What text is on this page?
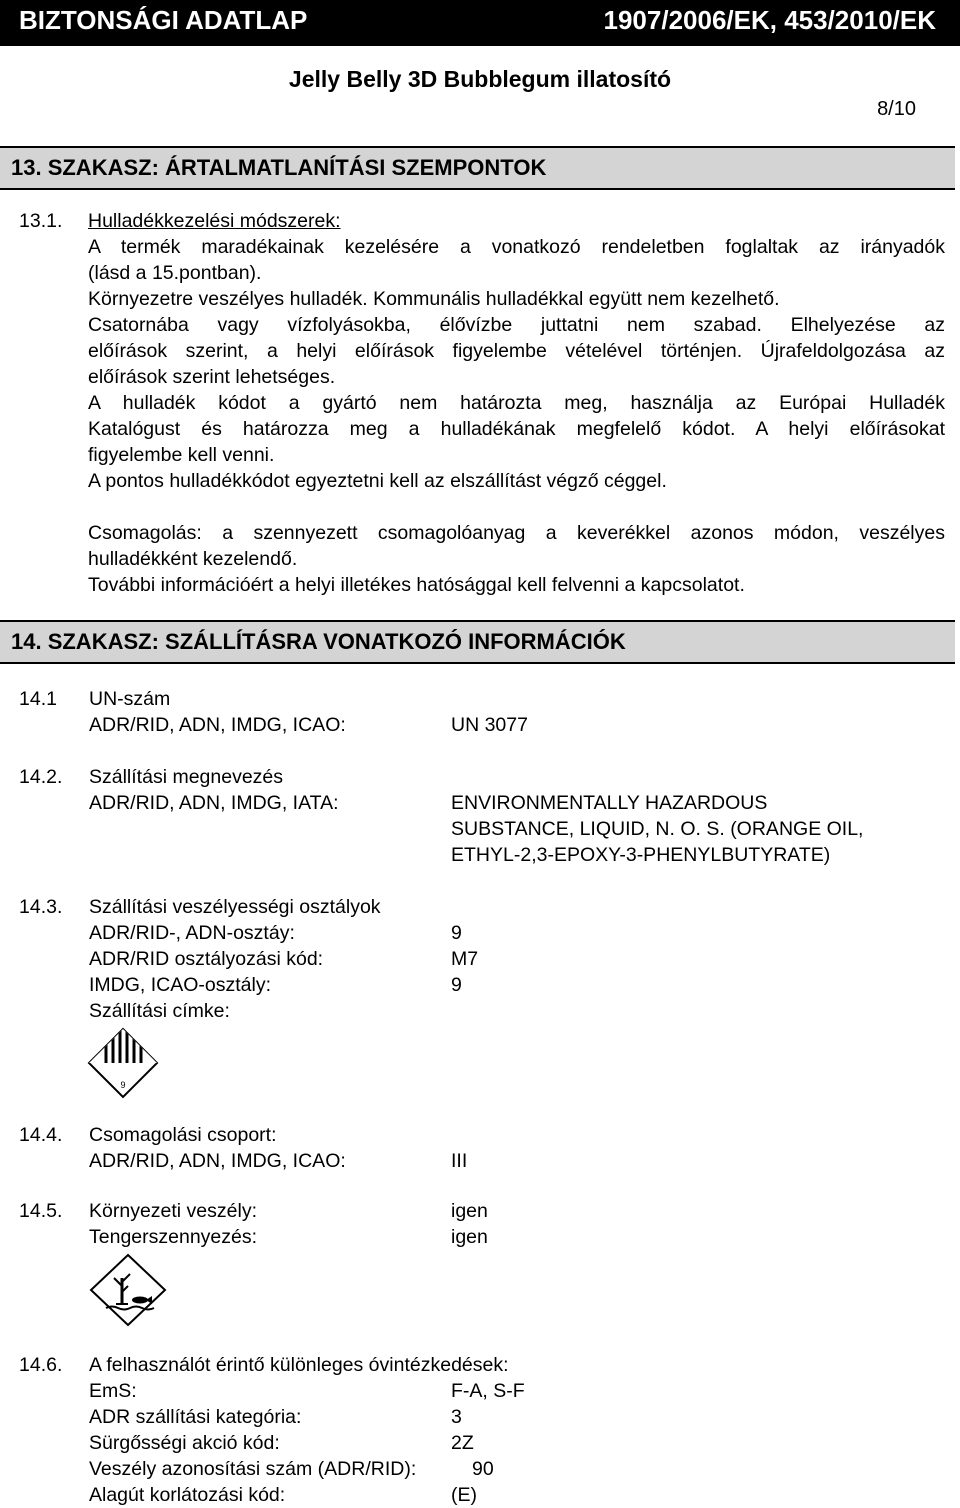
BIZTONSÁGI ADATLAP	1907/2006/EK, 453/2010/EK
Jelly Belly 3D Bubblegum illatosító
8/10
13. SZAKASZ: ÁRTALMATLANÍTÁSI SZEMPONTOK
13.1. Hulladékkezelési módszerek:
A termék maradékainak kezelésére a vonatkozó rendeletben foglaltak az irányadók
(lásd a 15.pontban).
Környezetre veszélyes hulladék. Kommunális hulladékkal együtt nem kezelhető.
Csatornába vagy vízfolyásokba, élővízbe juttatni nem szabad. Elhelyezése az
előírások szerint, a helyi előírások figyelembe vételével történjen. Újrafeldolgozása az
előírások szerint lehetséges.
A hulladék kódot a gyártó nem határozta meg, használja az Európai Hulladék
Katalógust és határozza meg a hulladékának megfelelő kódot. A helyi előírásokat
figyelembe kell venni.
A pontos hulladékkódot egyeztetni kell az elszállítást végző céggel.
Csomagolás: a szennyezett csomagolóanyag a keverékkel azonos módon, veszélyes
hulladékként kezelendő.
További információért a helyi illetékes hatósággal kell felvenni a kapcsolatot.
14. SZAKASZ: SZÁLLÍTÁSRA VONATKOZÓ INFORMÁCIÓK
14.1 UN-szám
ADR/RID, ADN, IMDG, ICAO:	UN 3077
14.2. Szállítási megnevezés
ADR/RID, ADN, IMDG, IATA:	ENVIRONMENTALLY HAZARDOUS
SUBSTANCE, LIQUID, N. O. S. (ORANGE OIL,
ETHYL-2,3-EPOXY-3-PHENYLBUTYRATE)
14.3. Szállítási veszélyességi osztályok
ADR/RID-, ADN-osztáy:	9
ADR/RID osztályozási kód:	M7
IMDG, ICAO-osztály:	9
Szállítási címke:
9
14.4. Csomagolási csoport:
ADR/RID, ADN, IMDG, ICAO:	III
14.5. Környezeti veszély:	igen
Tengerszennyezés:	igen
14.6. A felhasználót érintő különleges óvintézkedések:
EmS:	F-A, S-F
ADR szállítási kategória:	3
Sürgősségi akció kód:	2Z
Veszély azonosítási szám (ADR/RID):	90
Alagút korlátozási kód:	(E)
